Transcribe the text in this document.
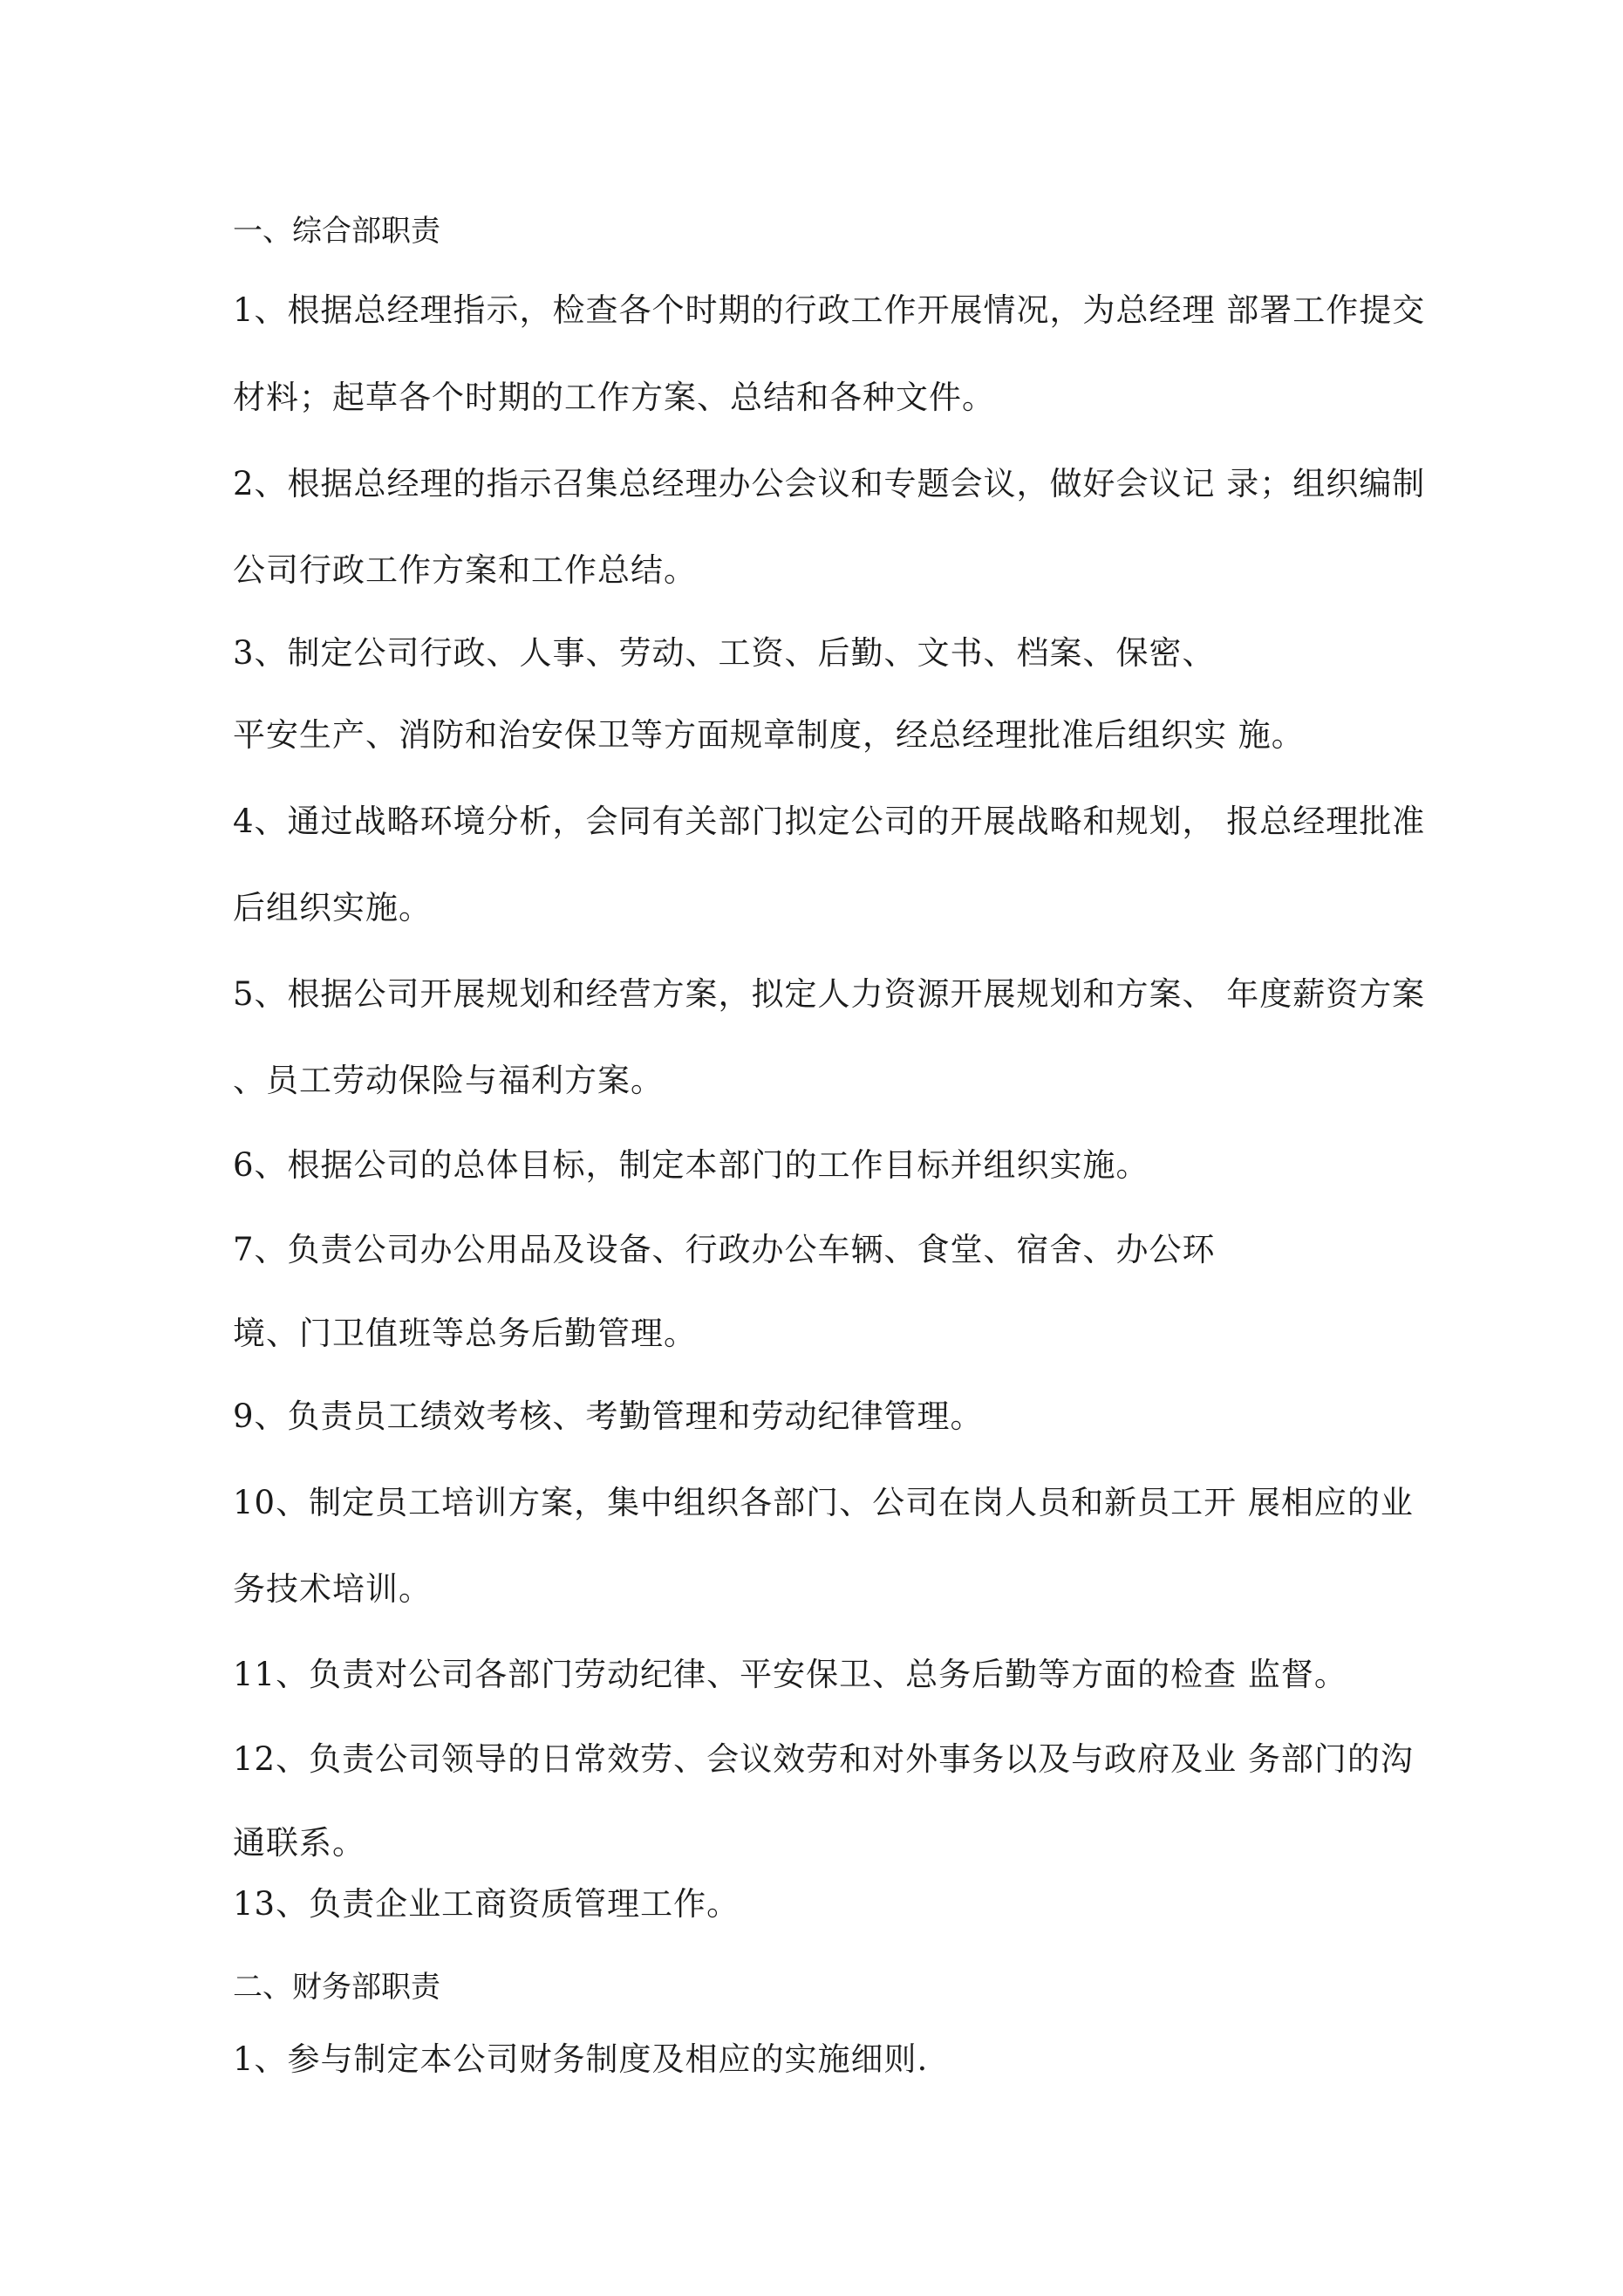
一、综合部职责

1、根据总经理指示，检查各个时期的行政工作开展情况，为总经理 部署工作提交

材料；起草各个时期的工作方案、总结和各种文件。

2、根据总经理的指示召集总经理办公会议和专题会议，做好会议记 录；组织编制

公司行政工作方案和工作总结。

3、制定公司行政、人事、劳动、工资、后勤、文书、档案、保密、

平安生产、消防和治安保卫等方面规章制度，经总经理批准后组织实 施。

4、通过战略环境分析，会同有关部门拟定公司的开展战略和规划， 报总经理批准

后组织实施。

5、根据公司开展规划和经营方案，拟定人力资源开展规划和方案、 年度薪资方案

、员工劳动保险与福利方案。

6、根据公司的总体目标，制定本部门的工作目标并组织实施。

7、负责公司办公用品及设备、行政办公车辆、食堂、宿舍、办公环

境、门卫值班等总务后勤管理。

9、负责员工绩效考核、考勤管理和劳动纪律管理。

10、制定员工培训方案，集中组织各部门、公司在岗人员和新员工开 展相应的业

务技术培训。

11、负责对公司各部门劳动纪律、平安保卫、总务后勤等方面的检查 监督。

12、负责公司领导的日常效劳、会议效劳和对外事务以及与政府及业 务部门的沟

通联系。

13、负责企业工商资质管理工作。

二、财务部职责

1、参与制定本公司财务制度及相应的实施细则.
